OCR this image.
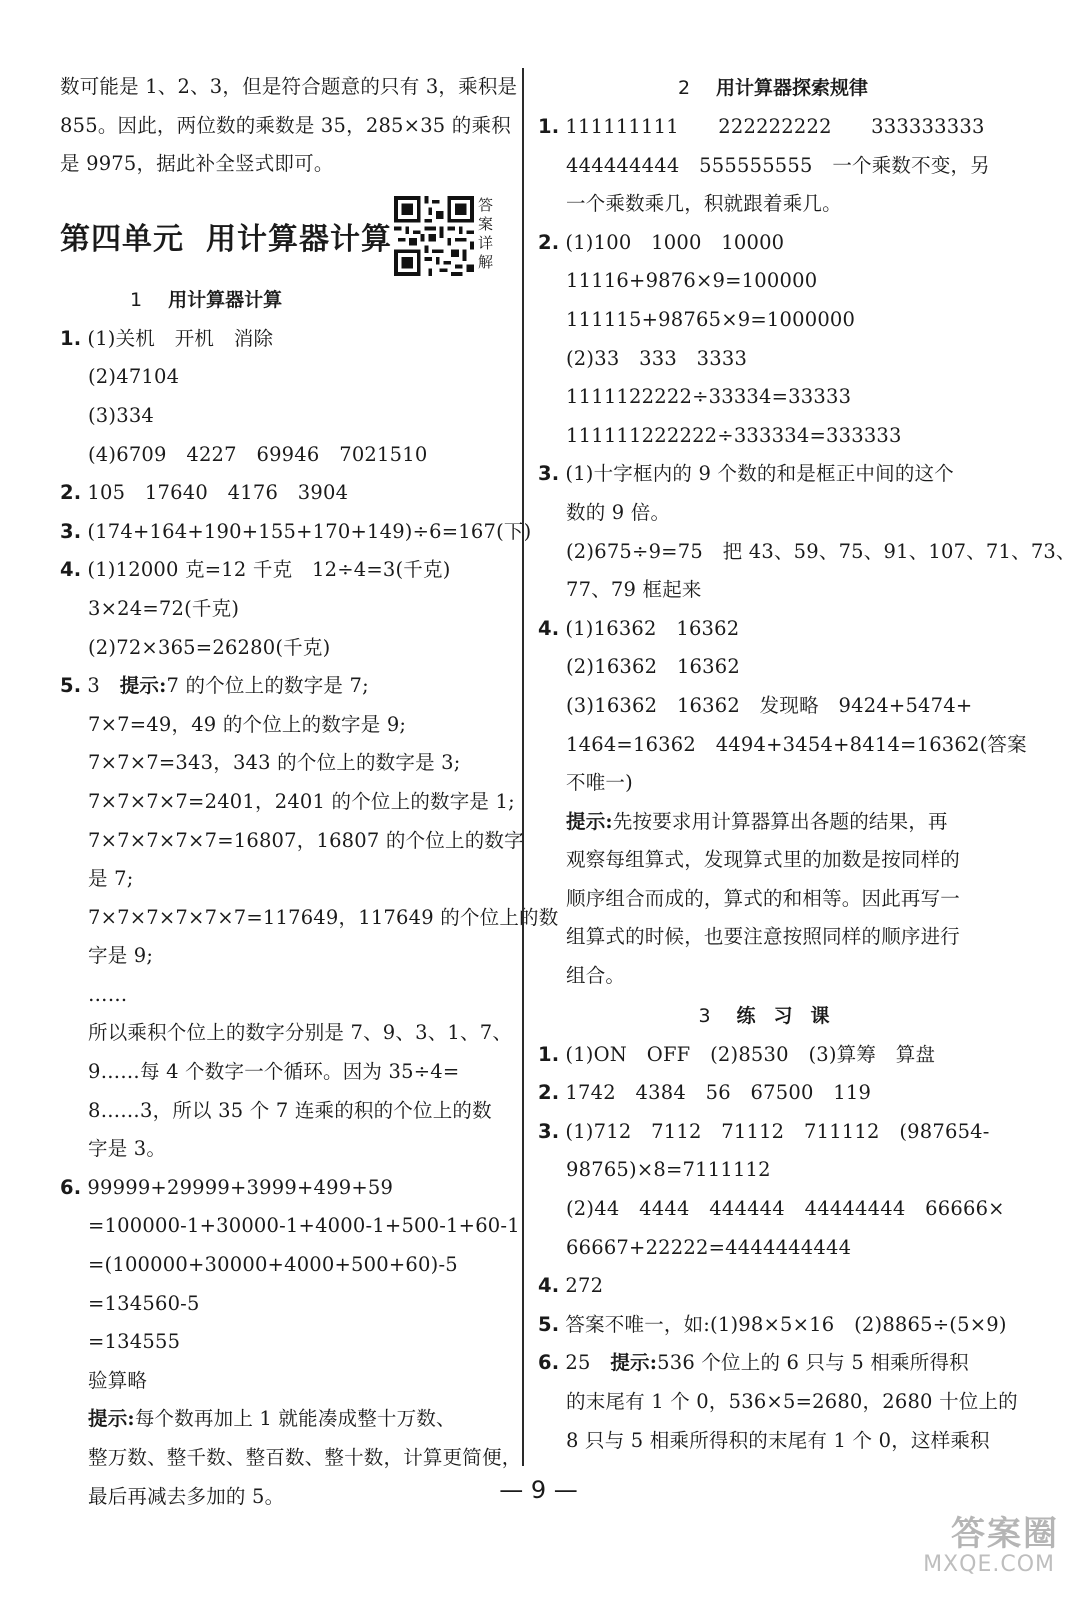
数可能是 1、2、3，但是符合题意的只有 3，乘积是
855。因此，两位数的乘数是 35，285×35 的乘积
是 9975，据此补全竖式即可。
第四单元 用计算器计算
答案详解
1 用计算器计算
1. (1)关机　开机　消除
(2)47104
(3)334
(4)6709　4227　69946　7021510
2. 105　17640　4176　3904
3. (174+164+190+155+170+149)÷6=167(下)
4. (1)12000 克=12 千克　12÷4=3(千克)
3×24=72(千克)
(2)72×365=26280(千克)
5. 3　 提示:7 的个位上的数字是 7;
7×7=49，49 的个位上的数字是 9;
7×7×7=343，343 的个位上的数字是 3;
7×7×7×7=2401，2401 的个位上的数字是 1;
7×7×7×7×7=16807，16807 的个位上的数字
是 7;
7×7×7×7×7×7=117649，117649 的个位上的数
字是 9;
……
所以乘积个位上的数字分别是 7、9、3、1、7、
9……每 4 个数字一个循环。因为 35÷4=
8……3，所以 35 个 7 连乘的积的个位上的数
字是 3。
6. 99999+29999+3999+499+59
=100000-1+30000-1+4000-1+500-1+60-1
=(100000+30000+4000+500+60)-5
=134560-5
=134555
验算略
提示:每个数再加上 1 就能凑成整十万数、
整万数、整千数、整百数、整十数，计算更简便，
最后再减去多加的 5。
2 用计算器探索规律
1. 111111111　　222222222　　333333333
444444444　555555555　一个乘数不变，另
一个乘数乘几，积就跟着乘几。
2. (1)100　1000　10000
11116+9876×9=100000
111115+98765×9=1000000
(2)33　333　3333
1111122222÷33334=33333
111111222222÷333334=333333
3. (1)十字框内的 9 个数的和是框正中间的这个
数的 9 倍。
(2)675÷9=75　把 43、59、75、91、107、71、73、
77、79 框起来
4. (1)16362　16362
(2)16362　16362
(3)16362　16362　发现略　9424+5474+
1464=16362　4494+3454+8414=16362(答案
不唯一)
提示:先按要求用计算器算出各题的结果，再
观察每组算式，发现算式里的加数是按同样的
顺序组合而成的，算式的和相等。因此再写一
组算式的时候，也要注意按照同样的顺序进行
组合。
3 练习课
1. (1)ON　OFF　(2)8530　(3)算筹　算盘
2. 1742　4384　56　67500　119
3. (1)712　7112　71112　711112　(987654-
98765)×8=7111112
(2)44　4444　444444　44444444　66666×
66667+22222=4444444444
4. 272
5. 答案不唯一，如:(1)98×5×16　(2)8865÷(5×9)
6. 25　 提示:536 个位上的 6 只与 5 相乘所得积
的末尾有 1 个 0，536×5=2680，2680 十位上的
8 只与 5 相乘所得积的末尾有 1 个 0，这样乘积
— 9 —
答案圈
MXQE.COM
